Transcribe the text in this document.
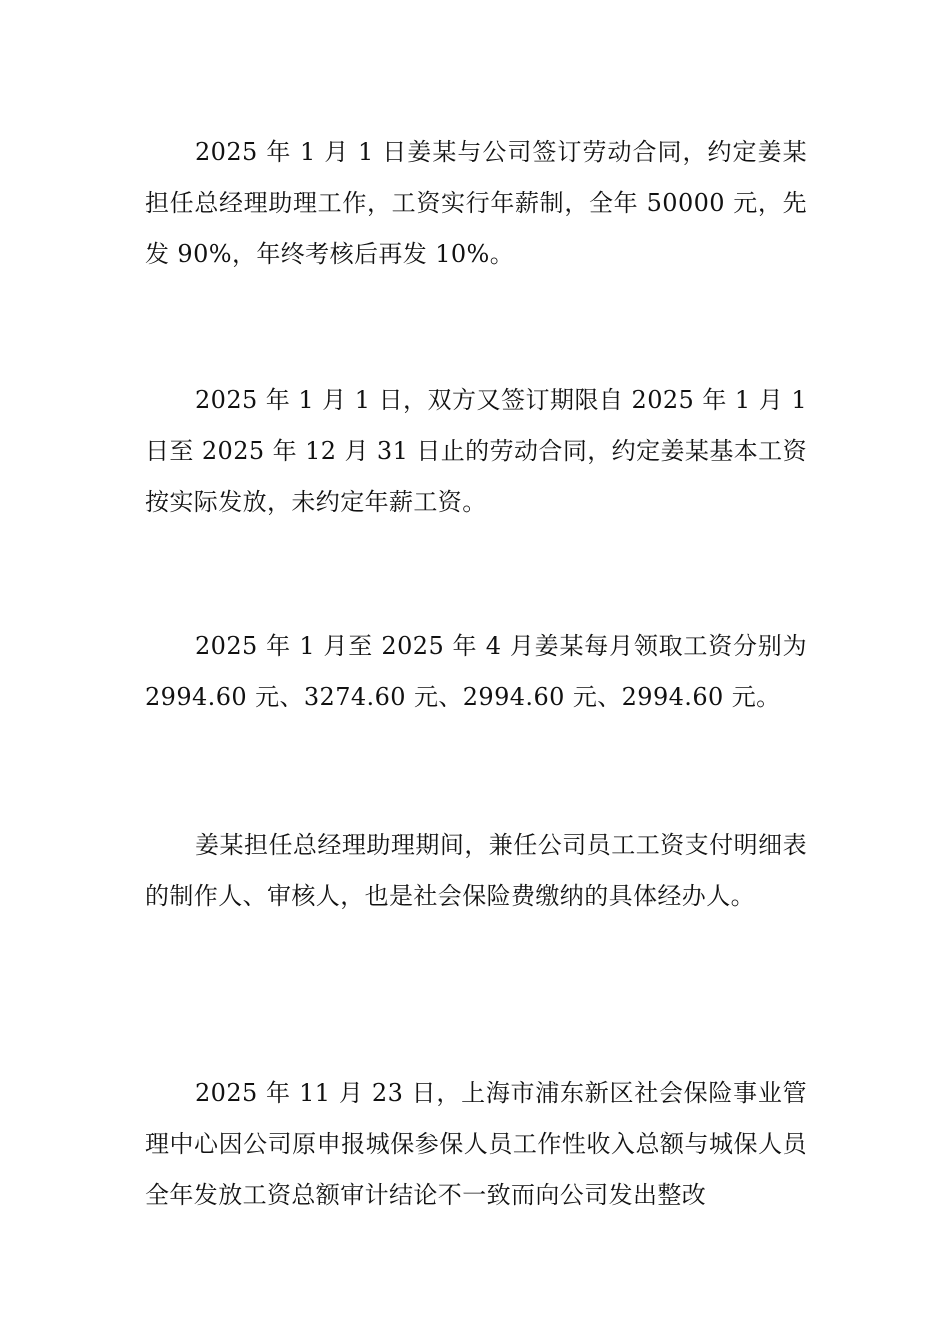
2025 年 1 月 1 日姜某与公司签订劳动合同，约定姜某担任总经理助理工作，工资实行年薪制，全年 50000 元，先发 90%，年终考核后再发 10%。

2025 年 1 月 1 日，双方又签订期限自 2025 年 1 月 1 日至 2025 年 12 月 31 日止的劳动合同，约定姜某基本工资按实际发放，未约定年薪工资。

2025 年 1 月至 2025 年 4 月姜某每月领取工资分别为 2994.60 元、3274.60 元、2994.60 元、2994.60 元。

姜某担任总经理助理期间，兼任公司员工工资支付明细表的制作人、审核人，也是社会保险费缴纳的具体经办人。

2025 年 11 月 23 日，上海市浦东新区社会保险事业管理中心因公司原申报城保参保人员工作性收入总额与城保人员全年发放工资总额审计结论不一致而向公司发出整改
